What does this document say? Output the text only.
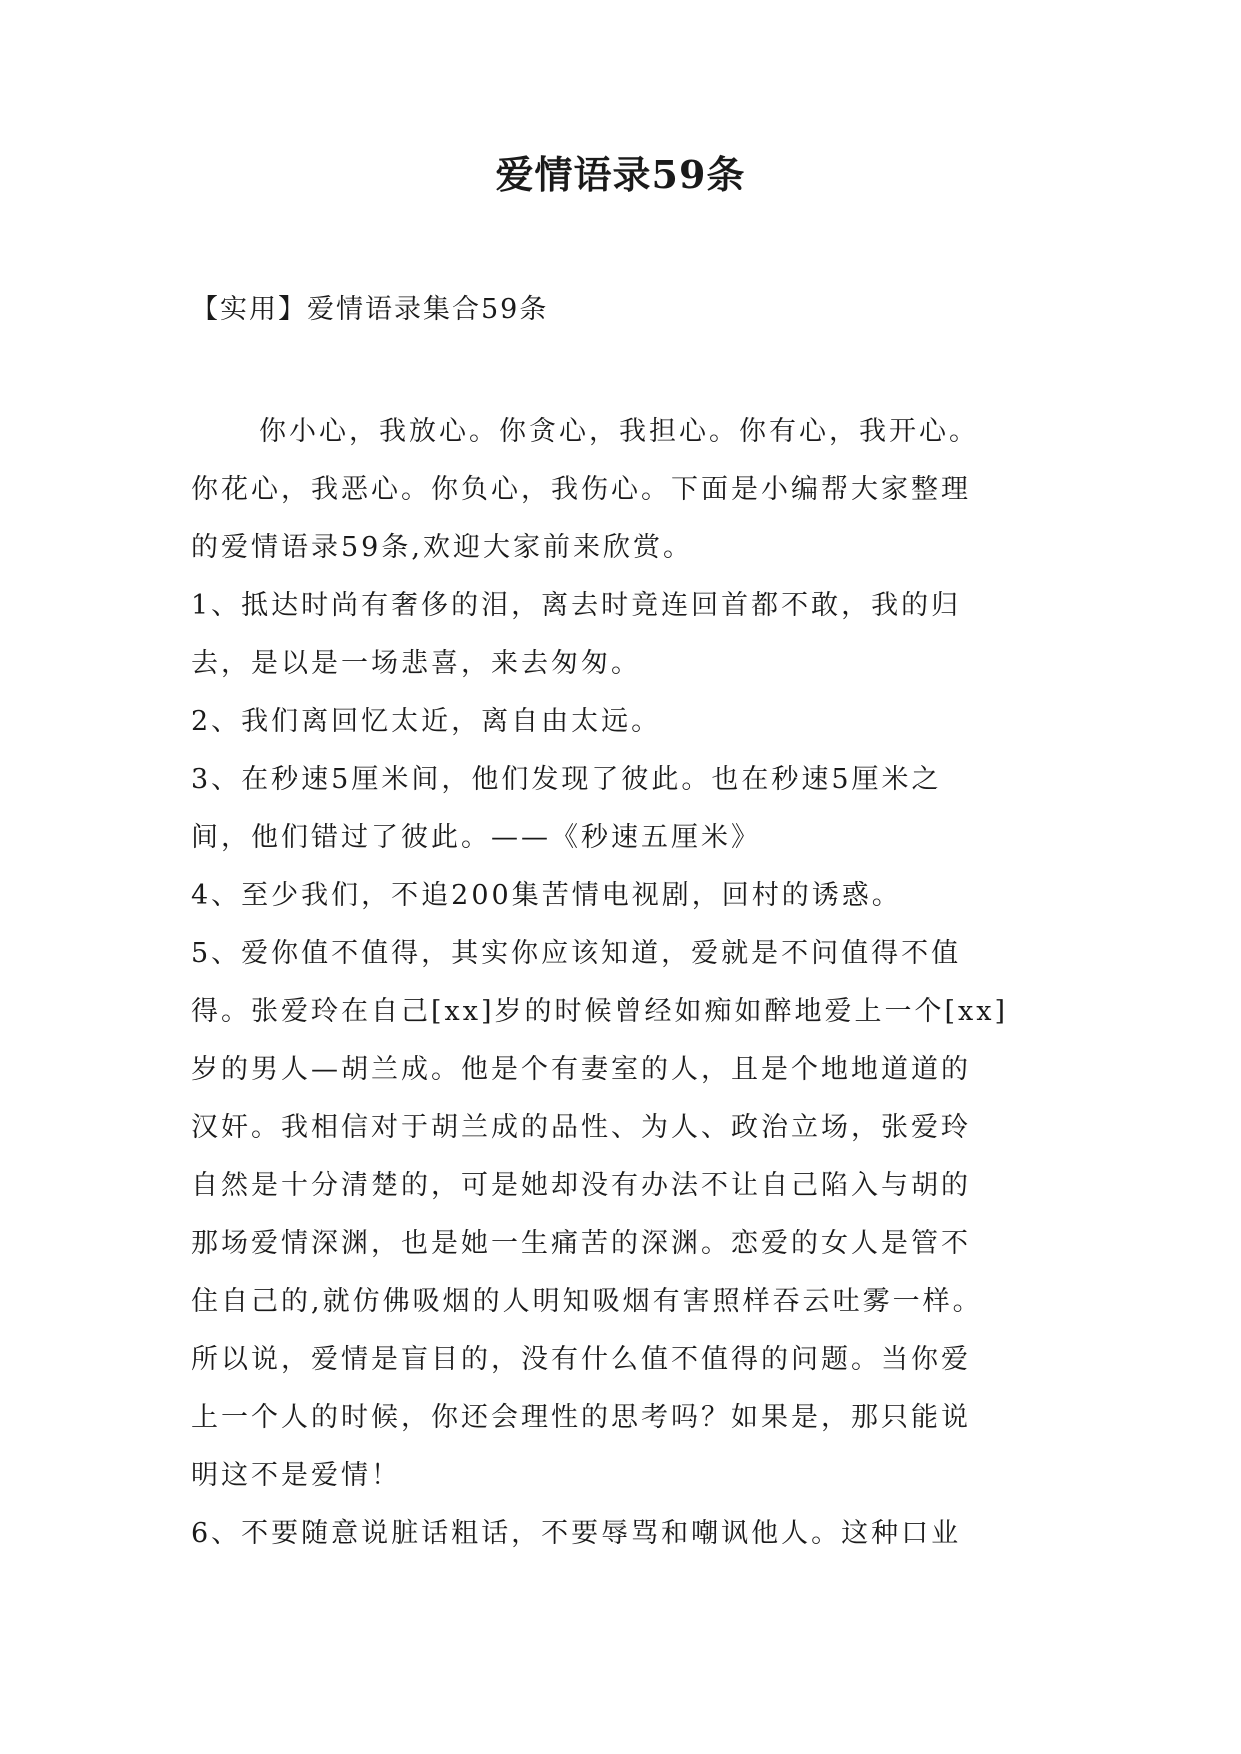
爱情语录59条

【实用】爱情语录集合59条

你小心，我放心。你贪心，我担心。你有心，我开心。
你花心，我恶心。你负心，我伤心。下面是小编帮大家整理
的爱情语录59条,欢迎大家前来欣赏。
1、抵达时尚有奢侈的泪，离去时竟连回首都不敢，我的归
去，是以是一场悲喜，来去匆匆。
2、我们离回忆太近，离自由太远。
3、在秒速5厘米间，他们发现了彼此。也在秒速5厘米之
间，他们错过了彼此。——《秒速五厘米》
4、至少我们，不追200集苦情电视剧，回村的诱惑。
5、爱你值不值得，其实你应该知道，爱就是不问值得不值
得。张爱玲在自己[xx]岁的时候曾经如痴如醉地爱上一个[xx]
岁的男人—胡兰成。他是个有妻室的人，且是个地地道道的
汉奸。我相信对于胡兰成的品性、为人、政治立场，张爱玲
自然是十分清楚的，可是她却没有办法不让自己陷入与胡的
那场爱情深渊，也是她一生痛苦的深渊。恋爱的女人是管不
住自己的,就仿佛吸烟的人明知吸烟有害照样吞云吐雾一样。
所以说，爱情是盲目的，没有什么值不值得的问题。当你爱
上一个人的时候，你还会理性的思考吗？如果是，那只能说
明这不是爱情！
6、不要随意说脏话粗话，不要辱骂和嘲讽他人。这种口业
